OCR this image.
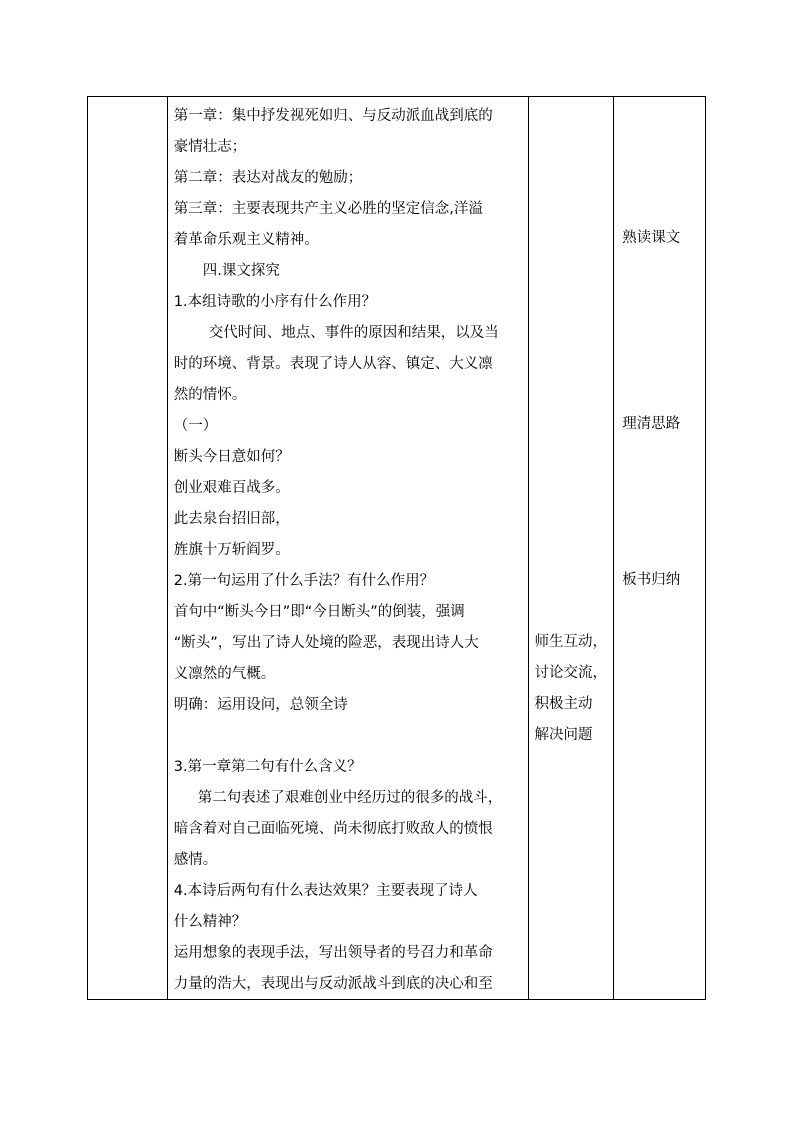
第一章：集中抒发视死如归、与反动派血战到底的
豪情壮志；
第二章：表达对战友的勉励；
第三章：主要表现共产主义必胜的坚定信念,洋溢
着革命乐观主义精神。
四.课文探究
1.本组诗歌的小序有什么作用？
交代时间、地点、事件的原因和结果，以及当
时的环境、背景。表现了诗人从容、镇定、大义凛
然的情怀。
（一）
断头今日意如何？
创业艰难百战多。
此去泉台招旧部，
旌旗十万斩阎罗。
2.第一句运用了什么手法？有什么作用？
首句中“断头今日”即“今日断头”的倒装，强调
“断头”，写出了诗人处境的险恶，表现出诗人大
义凛然的气概。
明确：运用设问，总领全诗
3.第一章第二句有什么含义？
第二句表述了艰难创业中经历过的很多的战斗，
暗含着对自己面临死境、尚未彻底打败敌人的愤恨
感情。
4.本诗后两句有什么表达效果？主要表现了诗人
什么精神？
运用想象的表现手法，写出领导者的号召力和革命
力量的浩大，表现出与反动派战斗到底的决心和至
师生互动，
讨论交流，
积极主动
解决问题
熟读课文
理清思路
板书归纳
